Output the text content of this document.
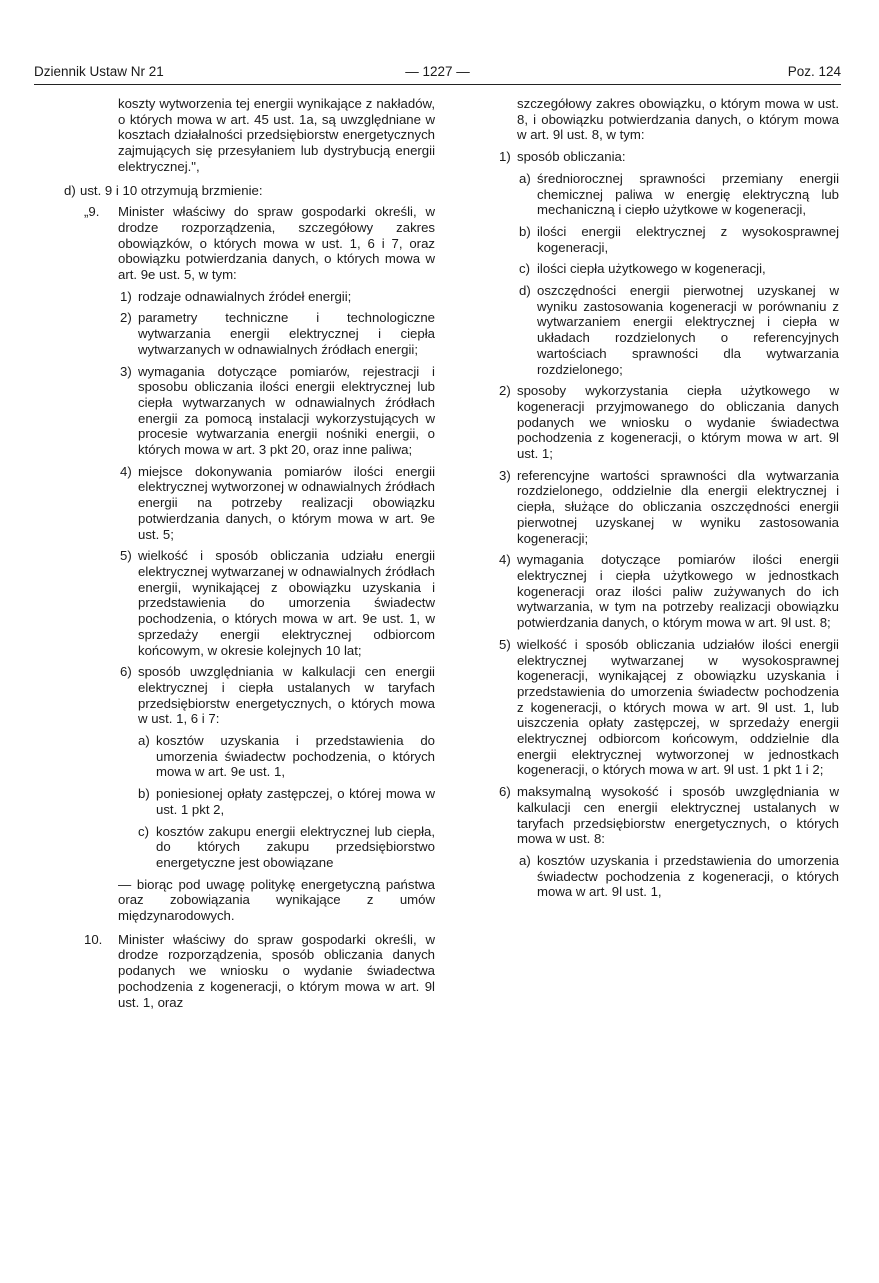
Dziennik Ustaw Nr 21	— 1227 —	Poz. 124

koszty wytworzenia tej energii wynikające z nakładów, o których mowa w art. 45 ust. 1a, są uwzględniane w kosztach działalności przedsiębiorstw energetycznych zajmujących się przesyłaniem lub dystrybucją energii elektrycznej.",

d) ust. 9 i 10 otrzymują brzmienie:

„9. Minister właściwy do spraw gospodarki określi, w drodze rozporządzenia, szczegółowy zakres obowiązków, o których mowa w ust. 1, 6 i 7, oraz obowiązku potwierdzania danych, o których mowa w art. 9e ust. 5, w tym:

1) rodzaje odnawialnych źródeł energii;

2) parametry techniczne i technologiczne wytwarzania energii elektrycznej i ciepła wytwarzanych w odnawialnych źródłach energii;

3) wymagania dotyczące pomiarów, rejestracji i sposobu obliczania ilości energii elektrycznej lub ciepła wytwarzanych w odnawialnych źródłach energii za pomocą instalacji wykorzystujących w procesie wytwarzania energii nośniki energii, o których mowa w art. 3 pkt 20, oraz inne paliwa;

4) miejsce dokonywania pomiarów ilości energii elektrycznej wytworzonej w odnawialnych źródłach energii na potrzeby realizacji obowiązku potwierdzania danych, o którym mowa w art. 9e ust. 5;

5) wielkość i sposób obliczania udziału energii elektrycznej wytwarzanej w odnawialnych źródłach energii, wynikającej z obowiązku uzyskania i przedstawienia do umorzenia świadectw pochodzenia, o których mowa w art. 9e ust. 1, w sprzedaży energii elektrycznej odbiorcom końcowym, w okresie kolejnych 10 lat;

6) sposób uwzględniania w kalkulacji cen energii elektrycznej i ciepła ustalanych w taryfach przedsiębiorstw energetycznych, o których mowa w ust. 1, 6 i 7:

a) kosztów uzyskania i przedstawienia do umorzenia świadectw pochodzenia, o których mowa w art. 9e ust. 1,

b) poniesionej opłaty zastępczej, o której mowa w ust. 1 pkt 2,

c) kosztów zakupu energii elektrycznej lub ciepła, do których zakupu przedsiębiorstwo energetyczne jest obowiązane

— biorąc pod uwagę politykę energetyczną państwa oraz zobowiązania wynikające z umów międzynarodowych.

10. Minister właściwy do spraw gospodarki określi, w drodze rozporządzenia, sposób obliczania danych podanych we wniosku o wydanie świadectwa pochodzenia z kogeneracji, o którym mowa w art. 9l ust. 1, oraz

szczegółowy zakres obowiązku, o którym mowa w ust. 8, i obowiązku potwierdzania danych, o którym mowa w art. 9l ust. 8, w tym:

1) sposób obliczania:

a) średniorocznej sprawności przemiany energii chemicznej paliwa w energię elektryczną lub mechaniczną i ciepło użytkowe w kogeneracji,

b) ilości energii elektrycznej z wysokosprawnej kogeneracji,

c) ilości ciepła użytkowego w kogeneracji,

d) oszczędności energii pierwotnej uzyskanej w wyniku zastosowania kogeneracji w porównaniu z wytwarzaniem energii elektrycznej i ciepła w układach rozdzielonych o referencyjnych wartościach sprawności dla wytwarzania rozdzielonego;

2) sposoby wykorzystania ciepła użytkowego w kogeneracji przyjmowanego do obliczania danych podanych we wniosku o wydanie świadectwa pochodzenia z kogeneracji, o którym mowa w art. 9l ust. 1;

3) referencyjne wartości sprawności dla wytwarzania rozdzielonego, oddzielnie dla energii elektrycznej i ciepła, służące do obliczania oszczędności energii pierwotnej uzyskanej w wyniku zastosowania kogeneracji;

4) wymagania dotyczące pomiarów ilości energii elektrycznej i ciepła użytkowego w jednostkach kogeneracji oraz ilości paliw zużywanych do ich wytwarzania, w tym na potrzeby realizacji obowiązku potwierdzania danych, o którym mowa w art. 9l ust. 8;

5) wielkość i sposób obliczania udziałów ilości energii elektrycznej wytwarzanej w wysokosprawnej kogeneracji, wynikającej z obowiązku uzyskania i przedstawienia do umorzenia świadectw pochodzenia z kogeneracji, o których mowa w art. 9l ust. 1, lub uiszczenia opłaty zastępczej, w sprzedaży energii elektrycznej odbiorcom końcowym, oddzielnie dla energii elektrycznej wytworzonej w jednostkach kogeneracji, o których mowa w art. 9l ust. 1 pkt 1 i 2;

6) maksymalną wysokość i sposób uwzględniania w kalkulacji cen energii elektrycznej ustalanych w taryfach przedsiębiorstw energetycznych, o których mowa w ust. 8:

a) kosztów uzyskania i przedstawienia do umorzenia świadectw pochodzenia z kogeneracji, o których mowa w art. 9l ust. 1,
